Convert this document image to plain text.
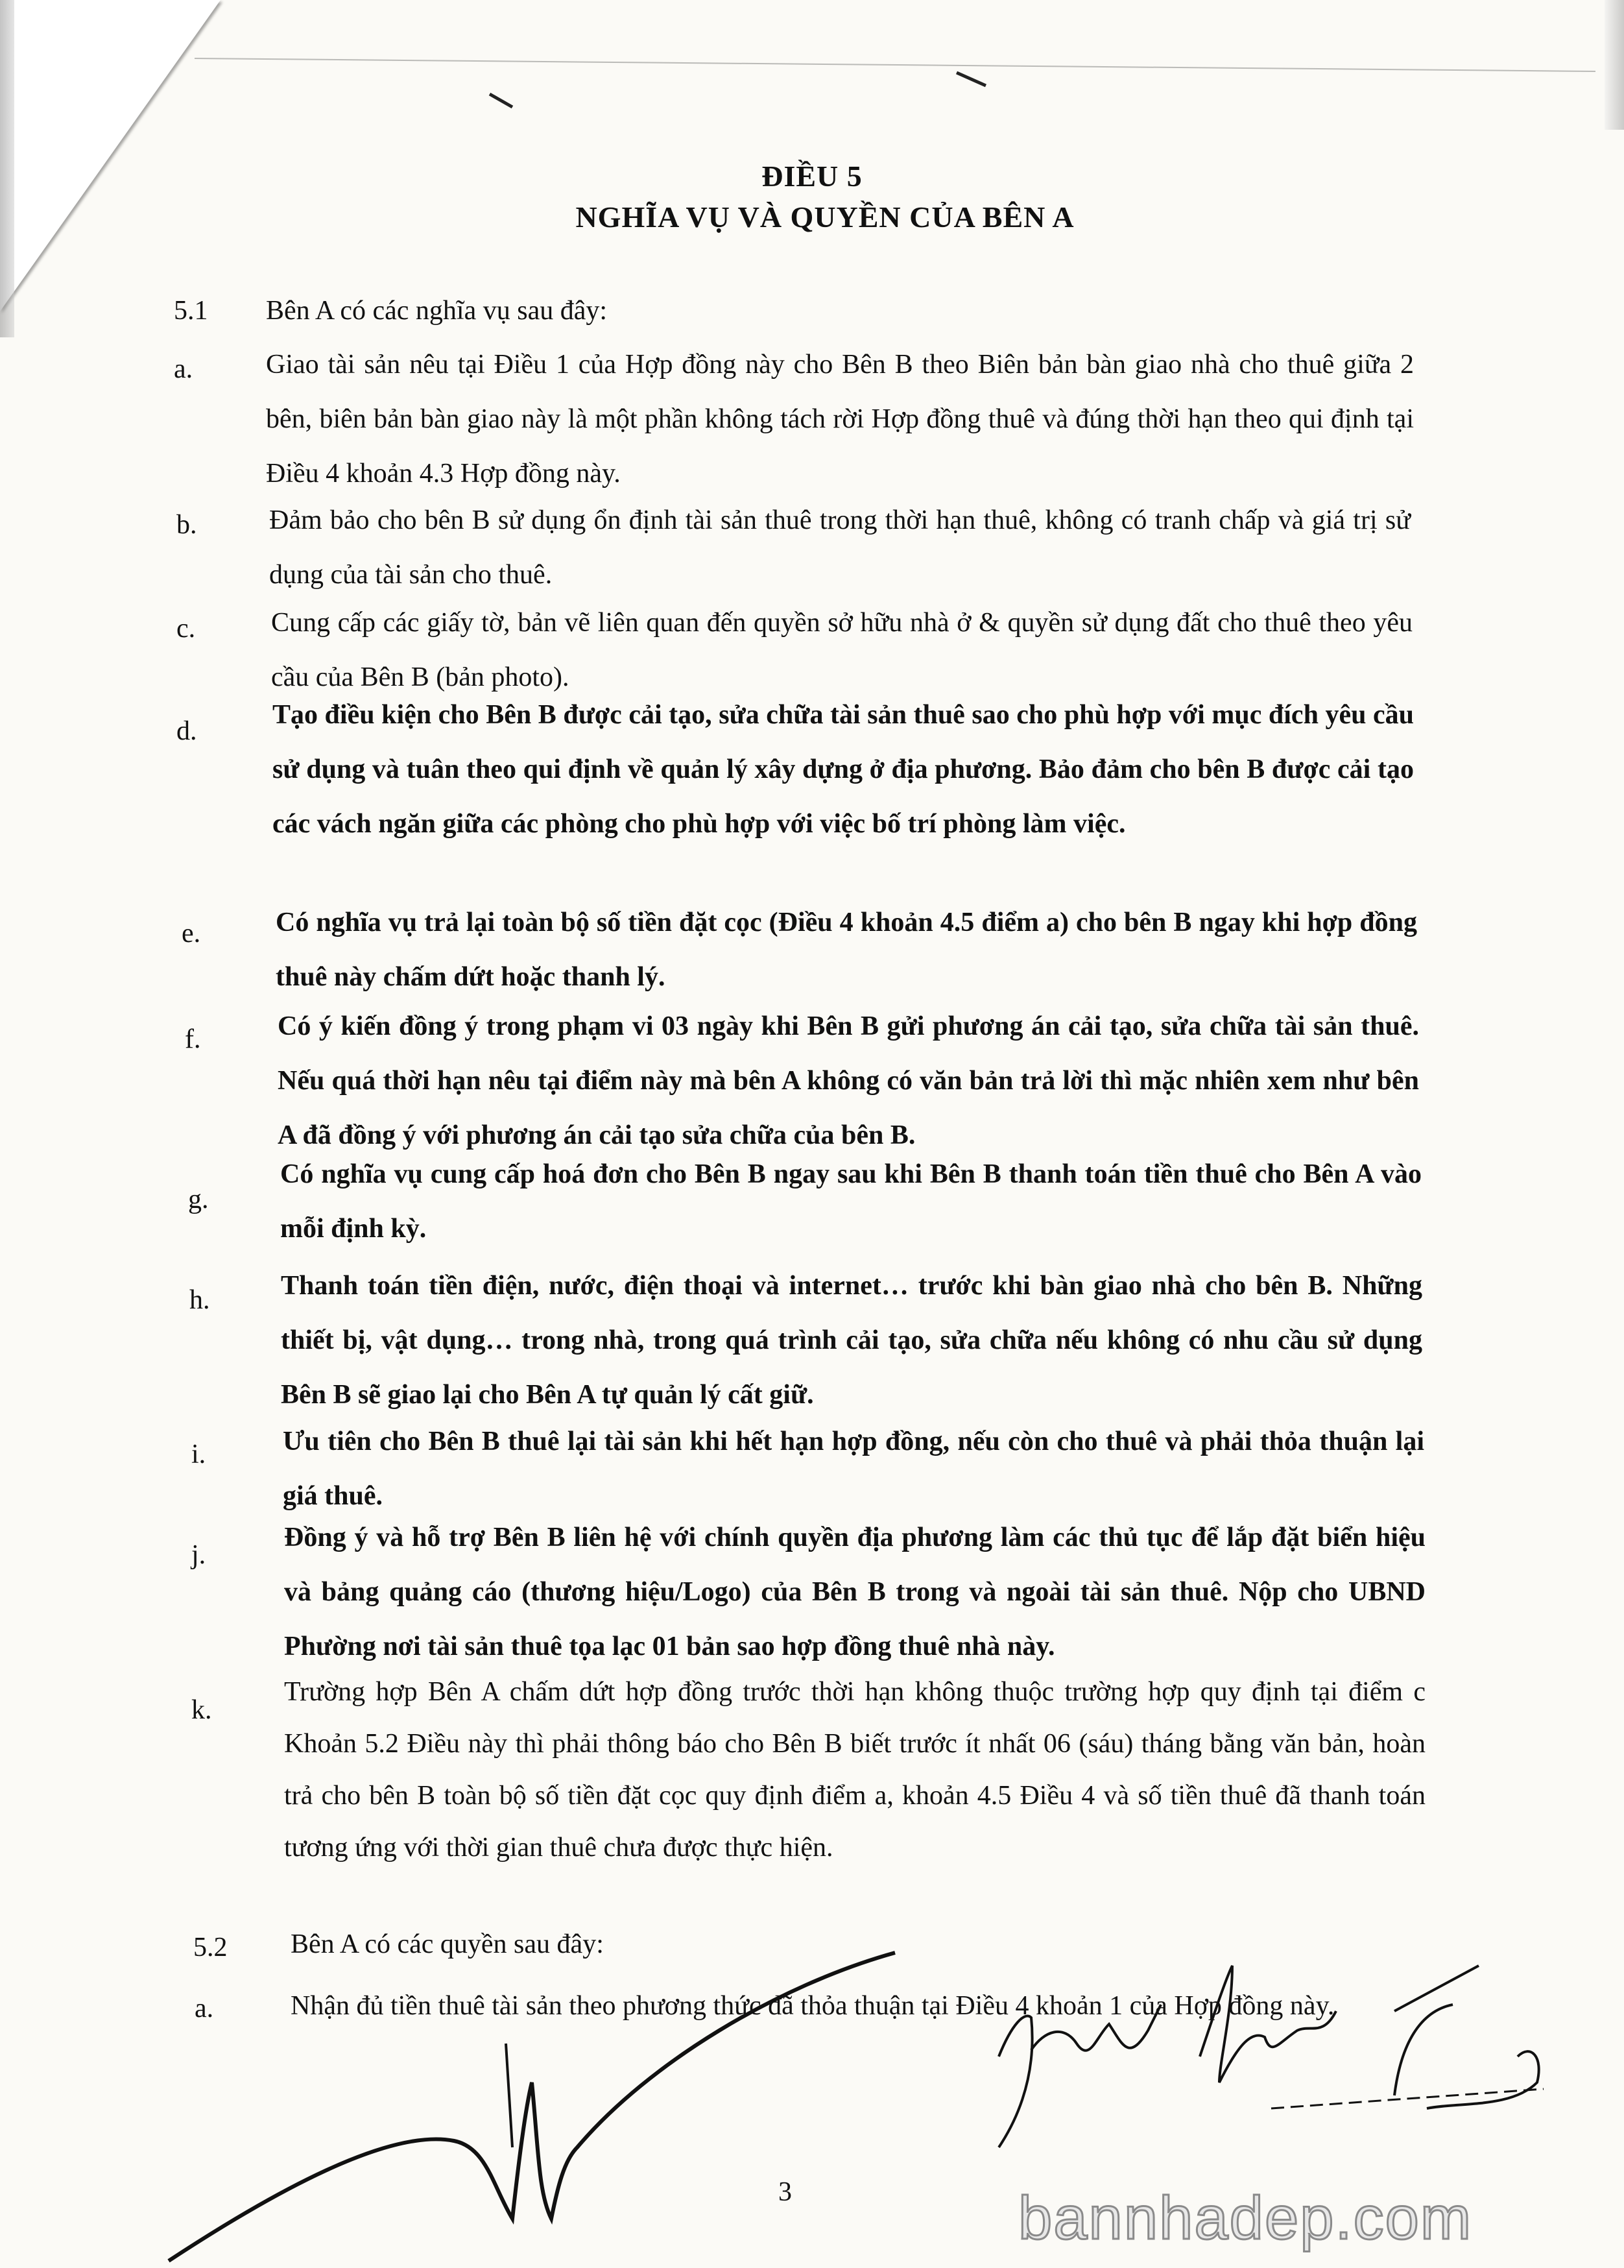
ĐIỀU 5
NGHĨA VỤ VÀ QUYỀN CỦA BÊN A
5.1 Bên A có các nghĩa vụ sau đây:
a.	Giao tài sản nêu tại Điều 1 của Hợp đồng này cho Bên B theo Biên bản bàn giao nhà cho thuê giữa 2 bên, biên bản bàn giao này là một phần không tách rời Hợp đồng thuê và đúng thời hạn theo qui định tại Điều 4 khoản 4.3 Hợp đồng này.
b.	Đảm bảo cho bên B sử dụng ổn định tài sản thuê trong thời hạn thuê, không có tranh chấp và giá trị sử dụng của tài sản cho thuê.
c.	Cung cấp các giấy tờ, bản vẽ liên quan đến quyền sở hữu nhà ở & quyền sử dụng đất cho thuê theo yêu cầu của Bên B (bản photo).
d.
Tạo điều kiện cho Bên B được cải tạo, sửa chữa tài sản thuê sao cho phù hợp với mục đích yêu cầu sử dụng và tuân theo qui định về quản lý xây dựng ở địa phương. Bảo đảm cho bên B được cải tạo các vách ngăn giữa các phòng cho phù hợp với việc bố trí phòng làm việc.
e.	Có nghĩa vụ trả lại toàn bộ số tiền đặt cọc (Điều 4 khoản 4.5 điểm a) cho bên B ngay khi hợp đồng thuê này chấm dứt hoặc thanh lý.
f.	Có ý kiến đồng ý trong phạm vi 03 ngày khi Bên B gửi phương án cải tạo, sửa chữa tài sản thuê. Nếu quá thời hạn nêu tại điểm này mà bên A không có văn bản trả lời thì mặc nhiên xem như bên A đã đồng ý với phương án cải tạo sửa chữa của bên B.
g.
Có nghĩa vụ cung cấp hoá đơn cho Bên B ngay sau khi Bên B thanh toán tiền thuê cho Bên A vào mỗi định kỳ.
h.	Thanh toán tiền điện, nước, điện thoại và internet… trước khi bàn giao nhà cho bên B. Những thiết bị, vật dụng… trong nhà, trong quá trình cải tạo, sửa chữa nếu không có nhu cầu sử dụng Bên B sẽ giao lại cho Bên A tự quản lý cất giữ.
i.	Ưu tiên cho Bên B thuê lại tài sản khi hết hạn hợp đồng, nếu còn cho thuê và phải thỏa thuận lại giá thuê.
j.
Đồng ý và hỗ trợ Bên B liên hệ với chính quyền địa phương làm các thủ tục để lắp đặt biển hiệu và bảng quảng cáo (thương hiệu/Logo) của Bên B trong và ngoài tài sản thuê. Nộp cho UBND Phường nơi tài sản thuê tọa lạc 01 bản sao hợp đồng thuê nhà này.
k.
Trường hợp Bên A chấm dứt hợp đồng trước thời hạn không thuộc trường hợp quy định tại điểm c Khoản 5.2 Điều này thì phải thông báo cho Bên B biết trước ít nhất 06 (sáu) tháng bằng văn bản, hoàn trả cho bên B toàn bộ số tiền đặt cọc quy định điểm a, khoản 4.5 Điều 4 và số tiền thuê đã thanh toán tương ứng với thời gian thuê chưa được thực hiện.
5.2 Bên A có các quyền sau đây:
a.	Nhận đủ tiền thuê tài sản theo phương thức đã thỏa thuận tại Điều 4 khoản 1 của Hợp đồng này.
3	bannhadep.com
